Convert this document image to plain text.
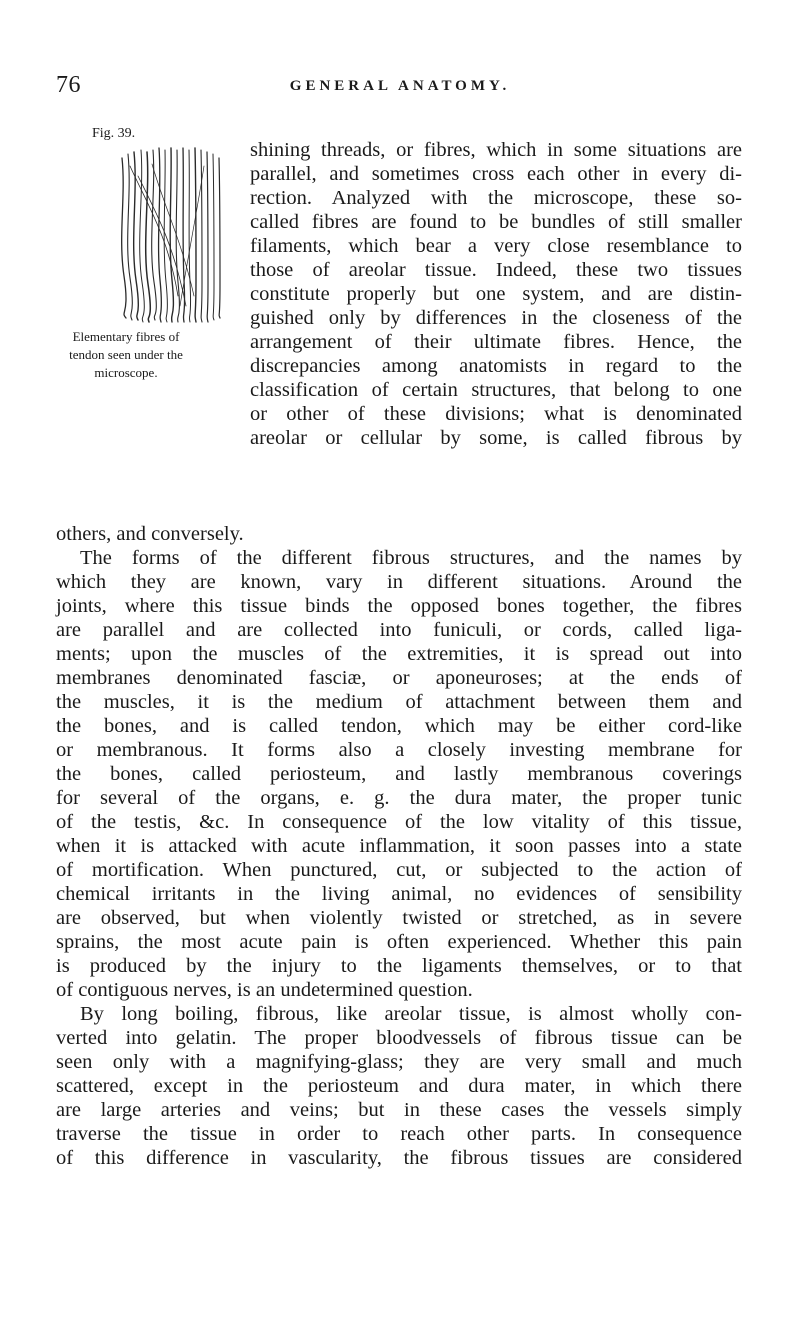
76	GENERAL ANATOMY.
Fig. 39.
Elementary fibres of tendon seen under the microscope.
shining threads, or fibres, which in some situations are
parallel, and sometimes cross each other in every di-
rection. Analyzed with the microscope, these so-
called fibres are found to be bundles of still smaller
filaments, which bear a very close resemblance to
those of areolar tissue. Indeed, these two tissues
constitute properly but one system, and are distin-
guished only by differences in the closeness of the
arrangement of their ultimate fibres. Hence, the
discrepancies among anatomists in regard to the
classification of certain structures, that belong to one
or other of these divisions; what is denominated
areolar or cellular by some, is called fibrous by
others, and conversely.
The forms of the different fibrous structures, and the names by
which they are known, vary in different situations. Around the
joints, where this tissue binds the opposed bones together, the fibres
are parallel and are collected into funiculi, or cords, called liga-
ments; upon the muscles of the extremities, it is spread out into
membranes denominated fasciæ, or aponeuroses; at the ends of
the muscles, it is the medium of attachment between them and
the bones, and is called tendon, which may be either cord-like
or membranous. It forms also a closely investing membrane for
the bones, called periosteum, and lastly membranous coverings
for several of the organs, e. g. the dura mater, the proper tunic
of the testis, &c. In consequence of the low vitality of this tissue,
when it is attacked with acute inflammation, it soon passes into a state
of mortification. When punctured, cut, or subjected to the action of
chemical irritants in the living animal, no evidences of sensibility
are observed, but when violently twisted or stretched, as in severe
sprains, the most acute pain is often experienced. Whether this pain
is produced by the injury to the ligaments themselves, or to that
of contiguous nerves, is an undetermined question.
By long boiling, fibrous, like areolar tissue, is almost wholly con-
verted into gelatin. The proper bloodvessels of fibrous tissue can be
seen only with a magnifying-glass; they are very small and much
scattered, except in the periosteum and dura mater, in which there
are large arteries and veins; but in these cases the vessels simply
traverse the tissue in order to reach other parts. In consequence
of this difference in vascularity, the fibrous tissues are considered
